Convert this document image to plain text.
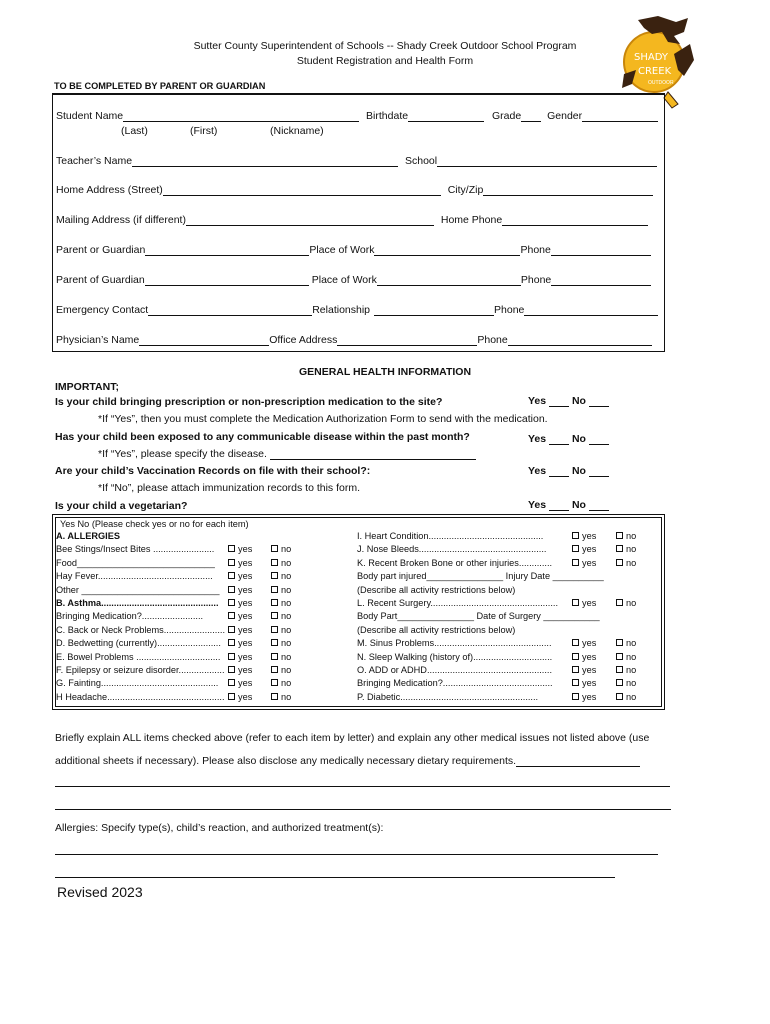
Sutter County Superintendent of Schools -- Shady Creek Outdoor School Program
Student Registration and Health Form	SHADY
CREEK
OUTDOOR
TO BE COMPLETED BY PARENT OR GUARDIAN
Student Name	Birthdate	Grade Gender
(Last)	(First)	(Nickname)
Teacher’s Name	School
Home Address (Street)	City/Zip
Mailing Address (if different)	Home Phone
Parent or Guardian	Place of Work	Phone
Parent of Guardian	Place of Work	Phone
Emergency Contact	Relationship	Phone
Physician’s Name	Office Address	Phone
GENERAL HEALTH INFORMATION
IMPORTANT;
Is your child bringing prescription or non-prescription medication to the site?	Yes No
*If “Yes”, then you must complete the Medication Authorization Form to send with the medication.
Has your child been exposed to any communicable disease within the past month?	Yes No
*If “Yes”, please specify the disease.
Are your child’s Vaccination Records on file with their school?:	Yes No
*If “No”, please attach immunization records to this form.
Is your child a vegetarian?	Yes No
Yes No (Please check yes or no for each item)
A. ALLERGIES
Bee Stings/Insect Bites ........................	yes	no
Food___________________________	yes	no
Hay Fever.............................................	yes	no
Other ___________________________	yes	no
B. Asthma..............................................	yes	no
Bringing Medication?........................	yes	no
C. Back or Neck Problems........................	yes	no
D. Bedwetting (currently).........................	yes	no
E. Bowel Problems .................................	yes	no
F. Epilepsy or seizure disorder..................	yes	no
G. Fainting..............................................	yes	no
H Headache..............................................	yes	no
I. Heart Condition.............................................	yes	no
J. Nose Bleeds..................................................	yes	no
K. Recent Broken Bone or other injuries.............	yes	no
Body part injured_______________ Injury Date __________
(Describe all activity restrictions below)
L. Recent Surgery..................................................	yes	no
Body Part_______________ Date of Surgery ___________
(Describe all activity restrictions below)
M. Sinus Problems..............................................	yes	no
N. Sleep Walking (history of)...............................	yes	no
O. ADD or ADHD.................................................	yes	no
Bringing Medication?...........................................	yes	no
P. Diabetic......................................................	yes	no
Briefly explain ALL items checked above (refer to each item by letter) and explain any other medical issues not listed above (use
additional sheets if necessary). Please also disclose any medically necessary dietary requirements.
Allergies: Specify type(s), child’s reaction, and authorized treatment(s):
Revised 2023
